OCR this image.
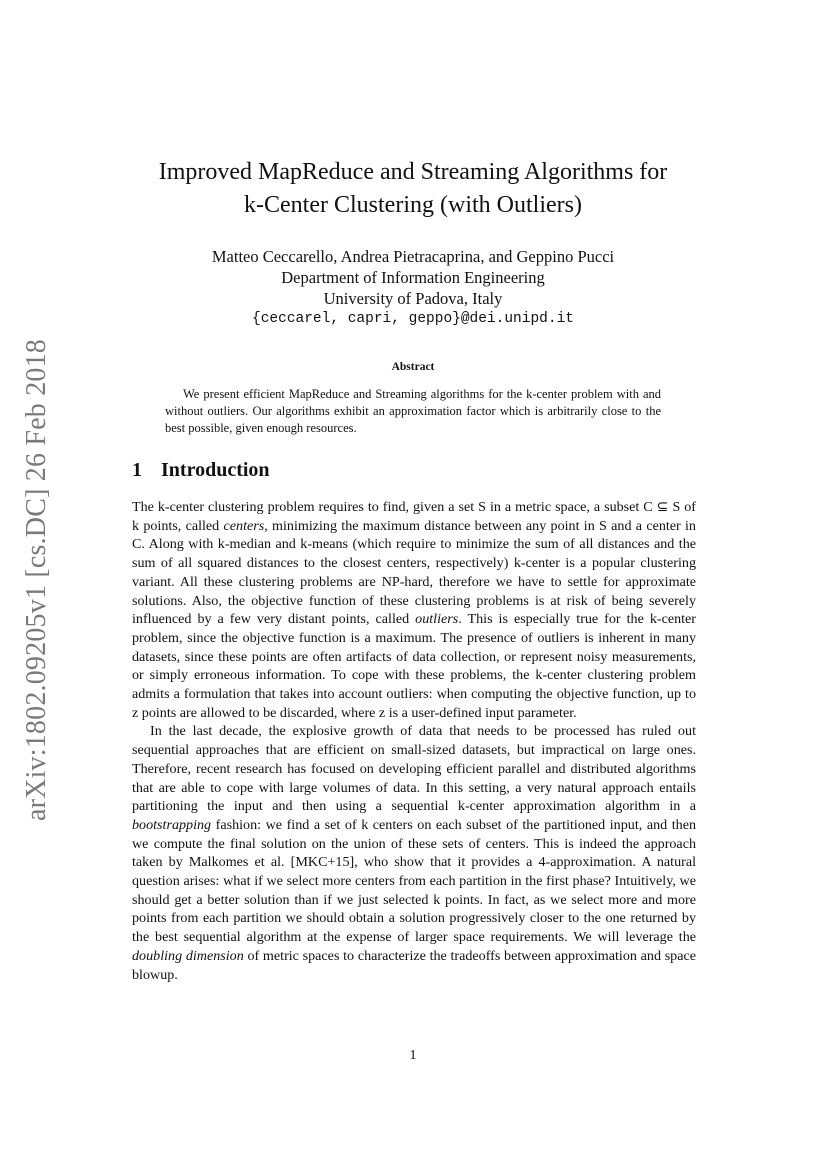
arXiv:1802.09205v1 [cs.DC] 26 Feb 2018
Improved MapReduce and Streaming Algorithms for
k-Center Clustering (with Outliers)
Matteo Ceccarello, Andrea Pietracaprina, and Geppino Pucci
Department of Information Engineering
University of Padova, Italy
{ceccarel, capri, geppo}@dei.unipd.it
Abstract
We present efficient MapReduce and Streaming algorithms for the k-center problem with and without outliers. Our algorithms exhibit an approximation factor which is arbitrarily close to the best possible, given enough resources.
1 Introduction

The k-center clustering problem requires to find, given a set S in a metric space, a subset C ⊆ S of k points, called centers, minimizing the maximum distance between any point in S and a center in C. Along with k-median and k-means (which require to minimize the sum of all distances and the sum of all squared distances to the closest centers, respectively) k-center is a popular clustering variant. All these clustering problems are NP-hard, therefore we have to settle for approximate solutions. Also, the objective function of these clustering problems is at risk of being severely influenced by a few very distant points, called outliers. This is especially true for the k-center problem, since the objective function is a maximum. The presence of outliers is inherent in many datasets, since these points are often artifacts of data collection, or represent noisy measurements, or simply erroneous information. To cope with these problems, the k-center clustering problem admits a formulation that takes into account outliers: when computing the objective function, up to z points are allowed to be discarded, where z is a user-defined input parameter.

In the last decade, the explosive growth of data that needs to be processed has ruled out sequential approaches that are efficient on small-sized datasets, but impractical on large ones. Therefore, recent research has focused on developing efficient parallel and distributed algorithms that are able to cope with large volumes of data. In this setting, a very natural approach entails partitioning the input and then using a sequential k-center approximation algorithm in a bootstrapping fashion: we find a set of k centers on each subset of the partitioned input, and then we compute the final solution on the union of these sets of centers. This is indeed the approach taken by Malkomes et al. [MKC+15], who show that it provides a 4-approximation. A natural question arises: what if we select more centers from each partition in the first phase? Intuitively, we should get a better solution than if we just selected k points. In fact, as we select more and more points from each partition we should obtain a solution progressively closer to the one returned by the best sequential algorithm at the expense of larger space requirements. We will leverage the doubling dimension of metric spaces to characterize the tradeoffs between approximation and space blowup.

1
